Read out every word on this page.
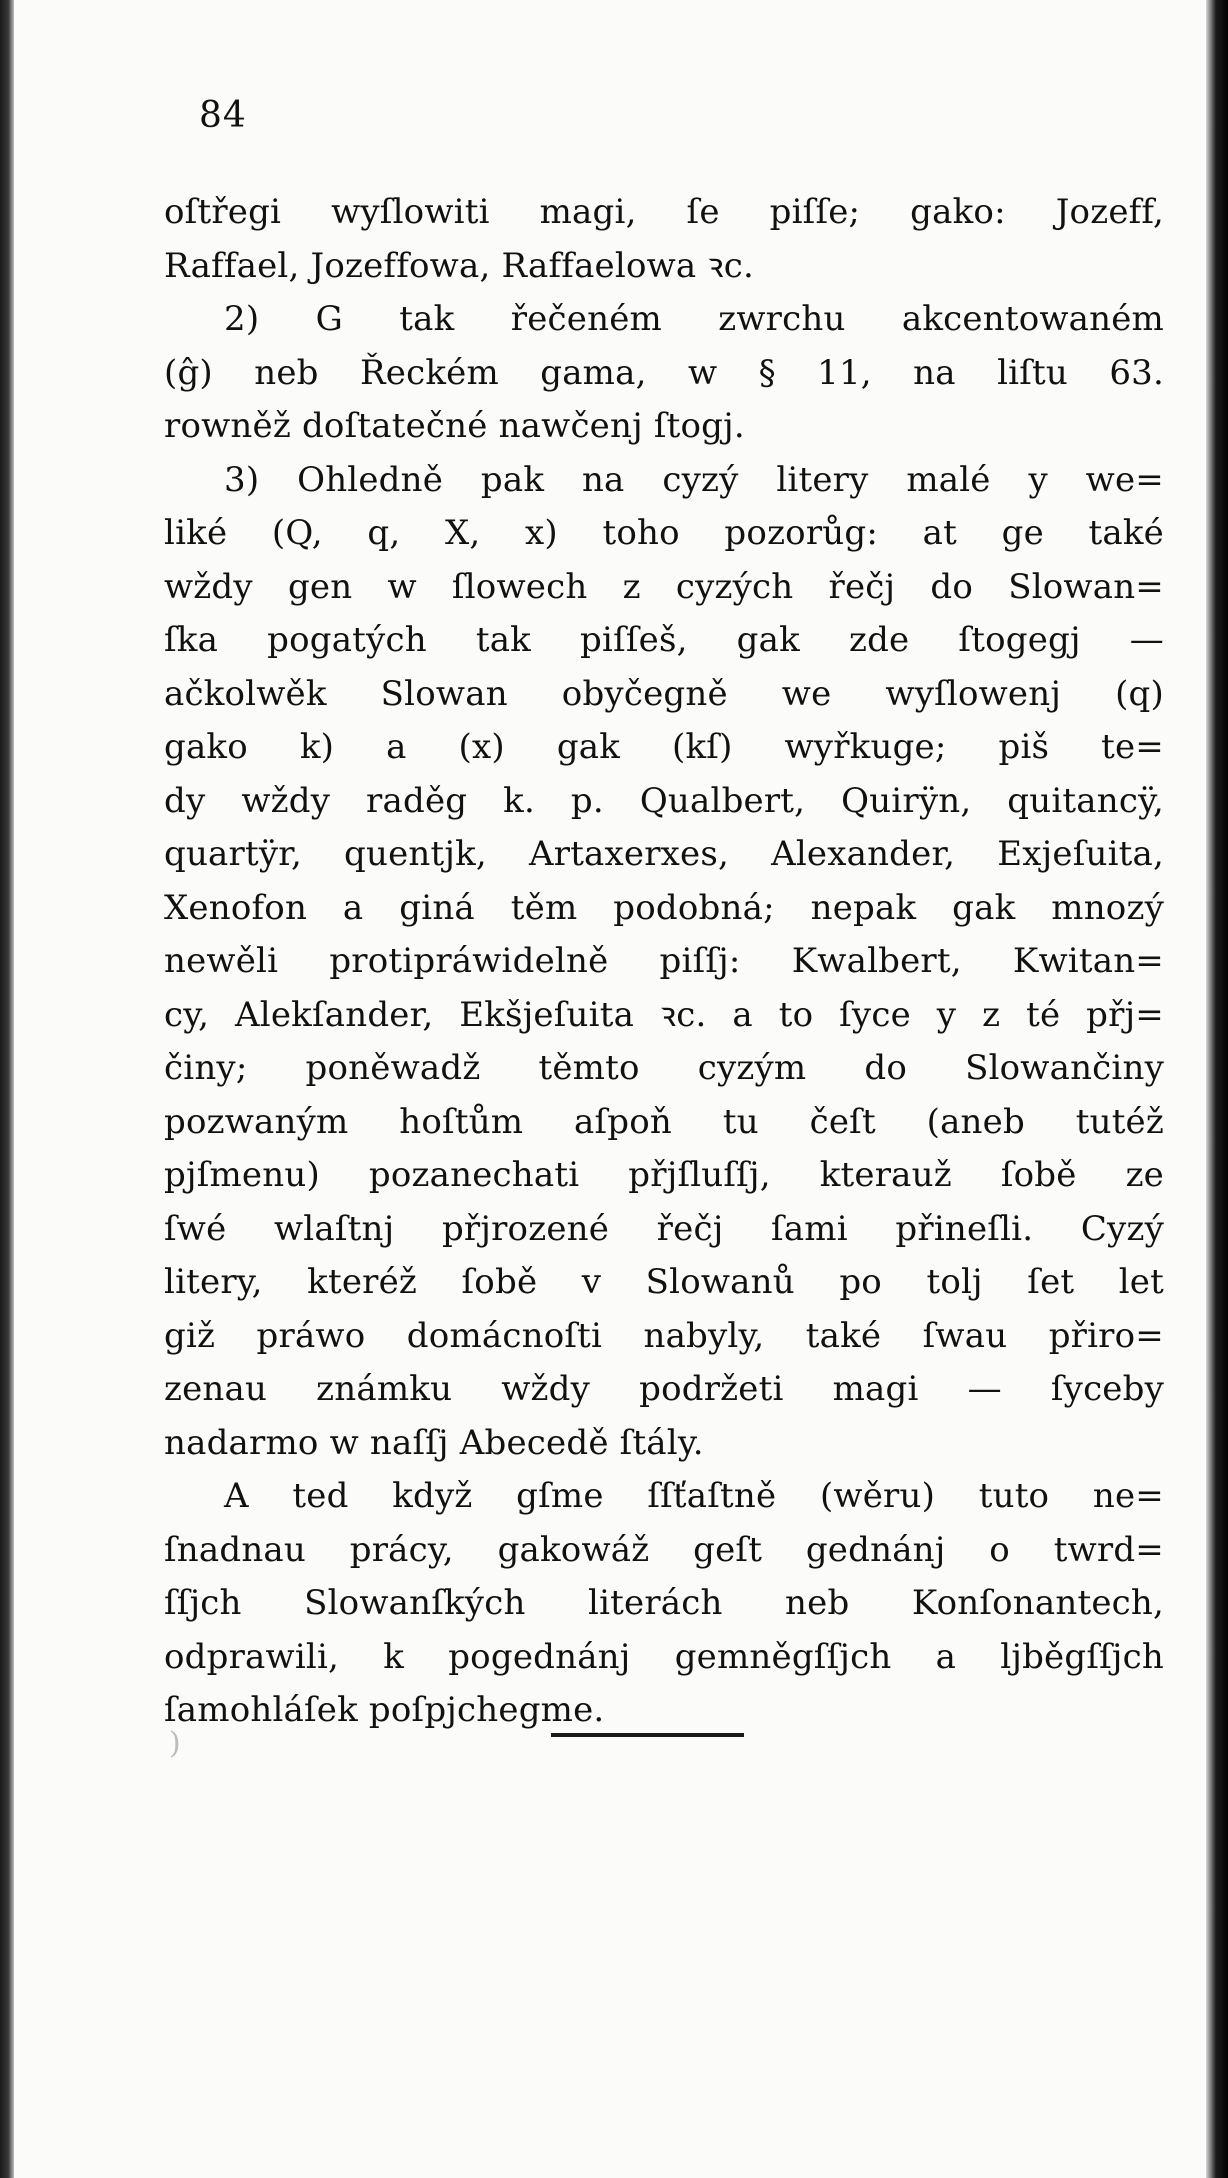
84
oſtřegi wyſlowiti magi, ſe piſſe; gako: Jozeff,
Raffael, Jozeffowa, Raffaelowa ꝛc.
2) G tak řečeném zwrchu akcentowaném
(ĝ) neb Řeckém gama, w § 11, na liſtu 63.
rowněž doſtatečné nawčenj ſtogj.
3) Ohledně pak na cyzý litery malé y we=
liké (Q, q, X, x) toho pozorůg: at ge také
wždy gen w ſlowech z cyzých řečj do Slowan=
ſka pogatých tak piſſeš, gak zde ſtogegj —
ačkolwěk Slowan obyčegně we wyſlowenj (q)
gako k) a (x) gak (kſ) wyřkuge; piš te=
dy wždy raděg k. p. Qualbert, Quirÿn, quitancÿ,
quartÿr, quentjk, Artaxerxes, Alexander, Exjeſuita,
Xenofon a giná těm podobná; nepak gak mnozý
newěli protipráwidelně piſſj: Kwalbert, Kwitan=
cy, Alekſander, Ekšjeſuita ꝛc. a to ſyce y z té přj=
činy; poněwadž těmto cyzým do Slowančiny
pozwaným hoſtům aſpoň tu čeſt (aneb tutéž
pjſmenu) pozanechati přjſluſſj, kterauž ſobě ze
ſwé wlaſtnj přjrozené řečj ſami přineſli. Cyzý
litery, kteréž ſobě v Slowanů po tolj ſet let
giž práwo domácnoſti nabyly, také ſwau přiro=
zenau známku wždy podržeti magi — ſyceby
nadarmo w naſſj Abecedě ſtály.
A ted když gſme ſſťaſtně (wěru) tuto ne=
ſnadnau prácy, gakowáž geſt gednánj o twrd=
ſſjch Slowanſkých literách neb Konſonantech,
odprawili, k pogednánj gemněgſſjch a ljběgſſjch
ſamohláſek poſpjchegme.
)
